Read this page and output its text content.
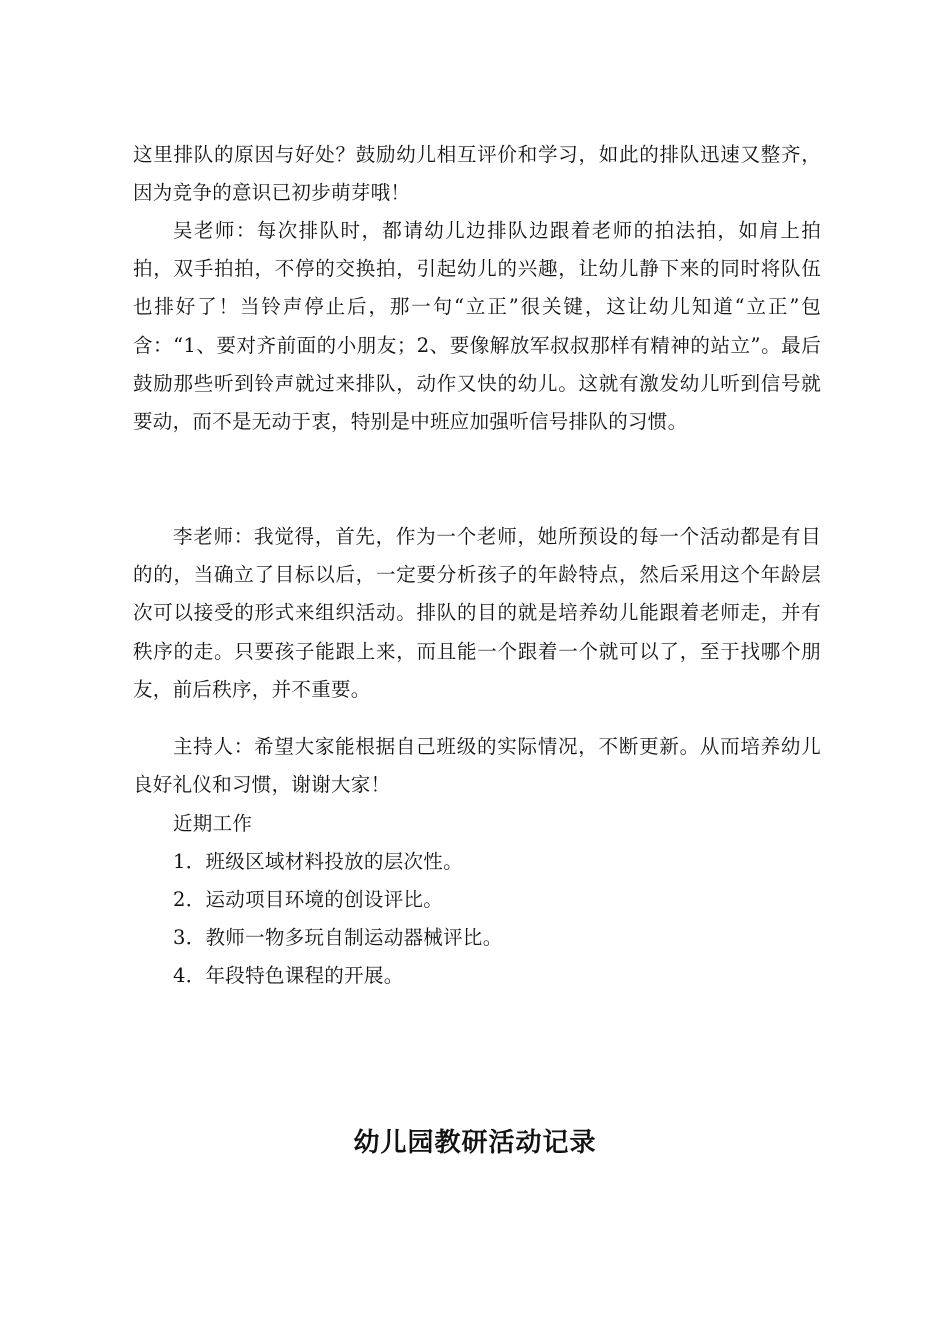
这里排队的原因与好处？鼓励幼儿相互评价和学习，如此的排队迅速又整齐，因为竞争的意识已初步萌芽哦！

吴老师：每次排队时，都请幼儿边排队边跟着老师的拍法拍，如肩上拍拍，双手拍拍，不停的交换拍，引起幼儿的兴趣，让幼儿静下来的同时将队伍也排好了！当铃声停止后，那一句“立正”很关键，这让幼儿知道“立正”包含：“1、要对齐前面的小朋友；2、要像解放军叔叔那样有精神的站立”。最后鼓励那些听到铃声就过来排队，动作又快的幼儿。这就有激发幼儿听到信号就要动，而不是无动于衷，特别是中班应加强听信号排队的习惯。

李老师：我觉得，首先，作为一个老师，她所预设的每一个活动都是有目的的，当确立了目标以后，一定要分析孩子的年龄特点，然后采用这个年龄层次可以接受的形式来组织活动。排队的目的就是培养幼儿能跟着老师走，并有秩序的走。只要孩子能跟上来，而且能一个跟着一个就可以了，至于找哪个朋友，前后秩序，并不重要。

主持人：希望大家能根据自己班级的实际情况，不断更新。从而培养幼儿良好礼仪和习惯，谢谢大家！

近期工作

1．班级区域材料投放的层次性。

2．运动项目环境的创设评比。

3．教师一物多玩自制运动器械评比。

4．年段特色课程的开展。

幼儿园教研活动记录
